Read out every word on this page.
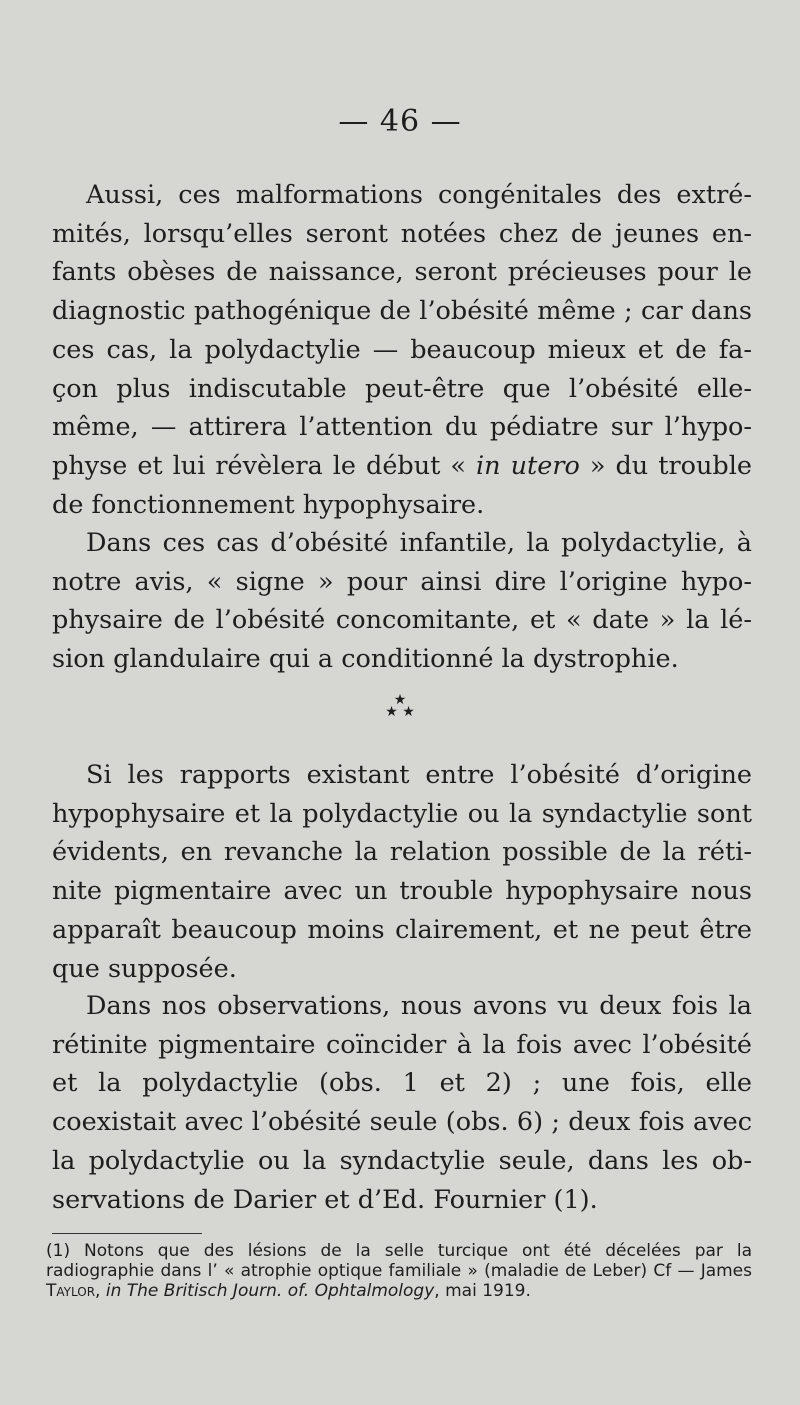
— 46 —
Aussi, ces malformations congénitales des extrémités, lorsqu’elles seront notées chez de jeunes enfants obèses de naissance, seront précieuses pour le diagnostic pathogénique de l’obésité même ; car dans ces cas, la polydactylie — beaucoup mieux et de façon plus indiscutable peut-être que l’obésité elle-même, — attirera l’attention du pédiatre sur l’hypophyse et lui révèlera le début « in utero » du trouble de fonctionnement hypophysaire.
Dans ces cas d’obésité infantile, la polydactylie, à notre avis, « signe » pour ainsi dire l’origine hypophysaire de l’obésité concomitante, et « date » la lésion glandulaire qui a conditionné la dystrophie.
★
★ ★
Si les rapports existant entre l’obésité d’origine hypophysaire et la polydactylie ou la syndactylie sont évidents, en revanche la relation possible de la rétinite pigmentaire avec un trouble hypophysaire nous apparaît beaucoup moins clairement, et ne peut être que supposée.
Dans nos observations, nous avons vu deux fois la rétinite pigmentaire coïncider à la fois avec l’obésité et la polydactylie (obs. 1 et 2) ; une fois, elle coexistait avec l’obésité seule (obs. 6) ; deux fois avec la polydactylie ou la syndactylie seule, dans les observations de Darier et d’Ed. Fournier (1).
(1) Notons que des lésions de la selle turcique ont été décelées par la radiographie dans l’ « atrophie optique familiale » (maladie de Leber) Cf — James Taylor, in The Britisch Journ. of. Ophtalmology, mai 1919.
